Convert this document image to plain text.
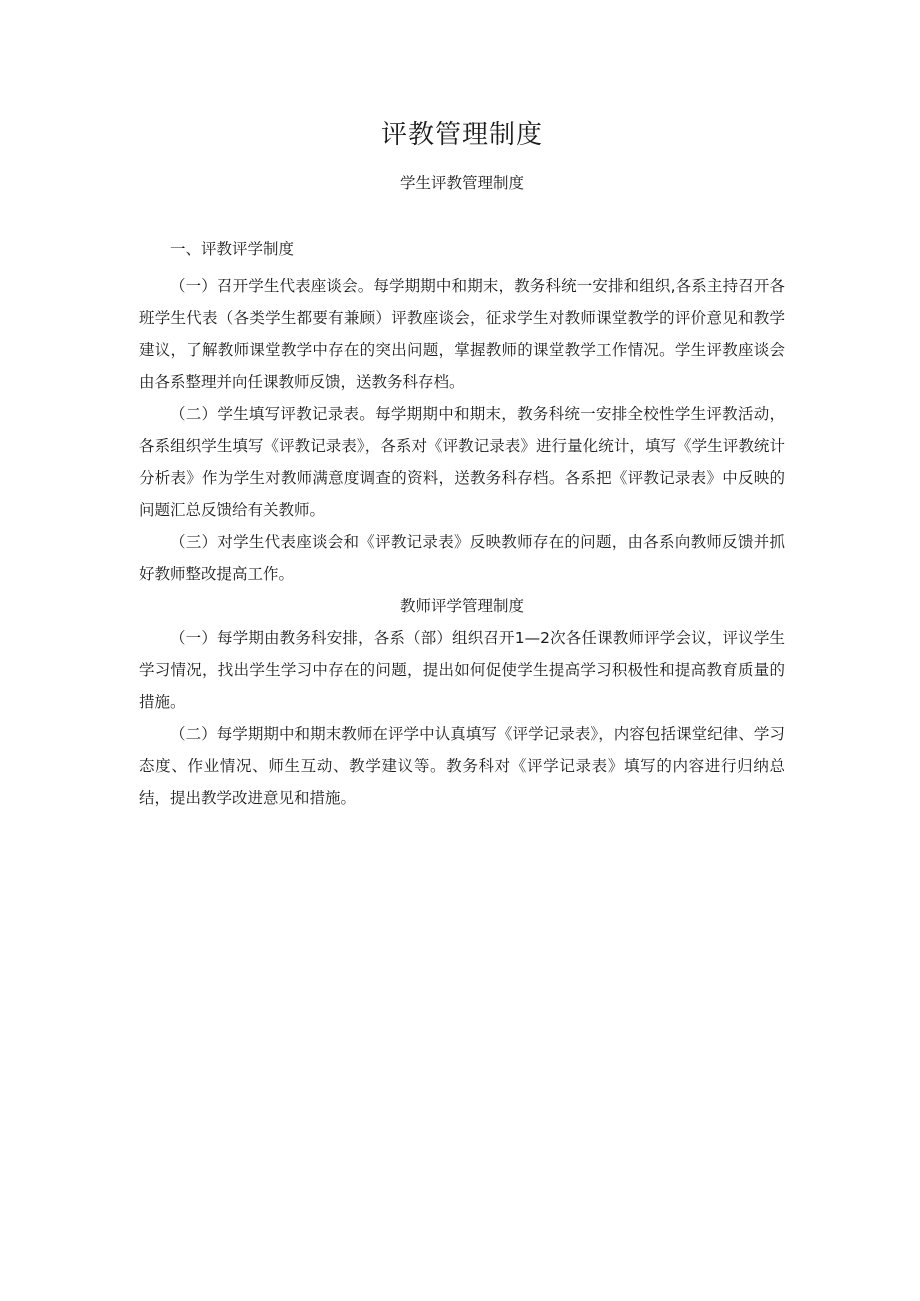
评教管理制度
学生评教管理制度
一、评教评学制度

（一）召开学生代表座谈会。每学期期中和期末，教务科统一安排和组织,各系主持召开各班学生代表（各类学生都要有兼顾）评教座谈会，征求学生对教师课堂教学的评价意见和教学建议，了解教师课堂教学中存在的突出问题，掌握教师的课堂教学工作情况。学生评教座谈会由各系整理并向任课教师反馈，送教务科存档。

（二）学生填写评教记录表。每学期期中和期末，教务科统一安排全校性学生评教活动，各系组织学生填写《评教记录表》，各系对《评教记录表》进行量化统计，填写《学生评教统计分析表》作为学生对教师满意度调查的资料，送教务科存档。各系把《评教记录表》中反映的问题汇总反馈给有关教师。

（三）对学生代表座谈会和《评教记录表》反映教师存在的问题，由各系向教师反馈并抓好教师整改提高工作。

教师评学管理制度

（一）每学期由教务科安排，各系（部）组织召开1—2次各任课教师评学会议，评议学生学习情况，找出学生学习中存在的问题，提出如何促使学生提高学习积极性和提高教育质量的措施。

（二）每学期期中和期末教师在评学中认真填写《评学记录表》，内容包括课堂纪律、学习态度、作业情况、师生互动、教学建议等。教务科对《评学记录表》填写的内容进行归纳总结，提出教学改进意见和措施。
